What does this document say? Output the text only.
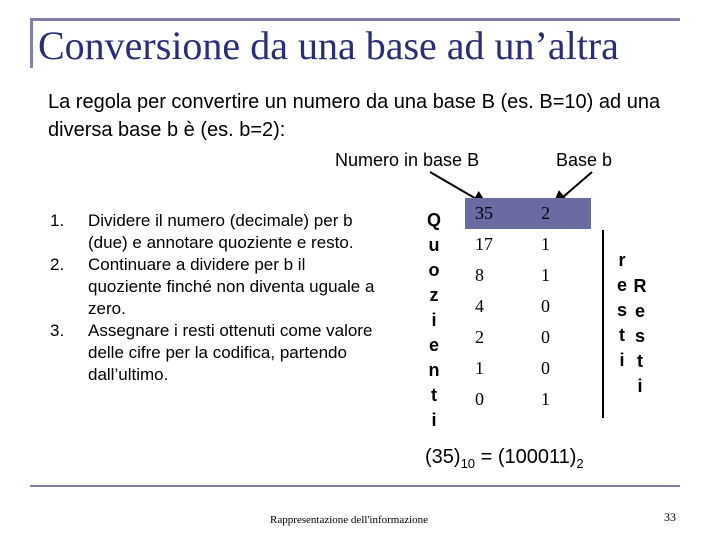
Conversione da una base ad un’altra
La regola per convertire un numero da una base B (es. B=10) ad una diversa base b è (es. b=2):
Numero in base B	Base b

1. Dividere il numero (decimale) per b (due) e annotare quoziente e resto.

2. Continuare a dividere per b il quoziente finché non diventa uguale a zero.

3. Assegnare i resti ottenuti come valore delle cifre per la codifica, partendo dall’ultimo.

Q
u
o
z
i
e
n
t
i
35	2
17	1
8	1
4	0
2	0
1	0
0	1
r
e
s
t
i
R
e
s
t
i
$(35)_{10} = (100011)_2$
Rappresentazione dell'informazione	33
